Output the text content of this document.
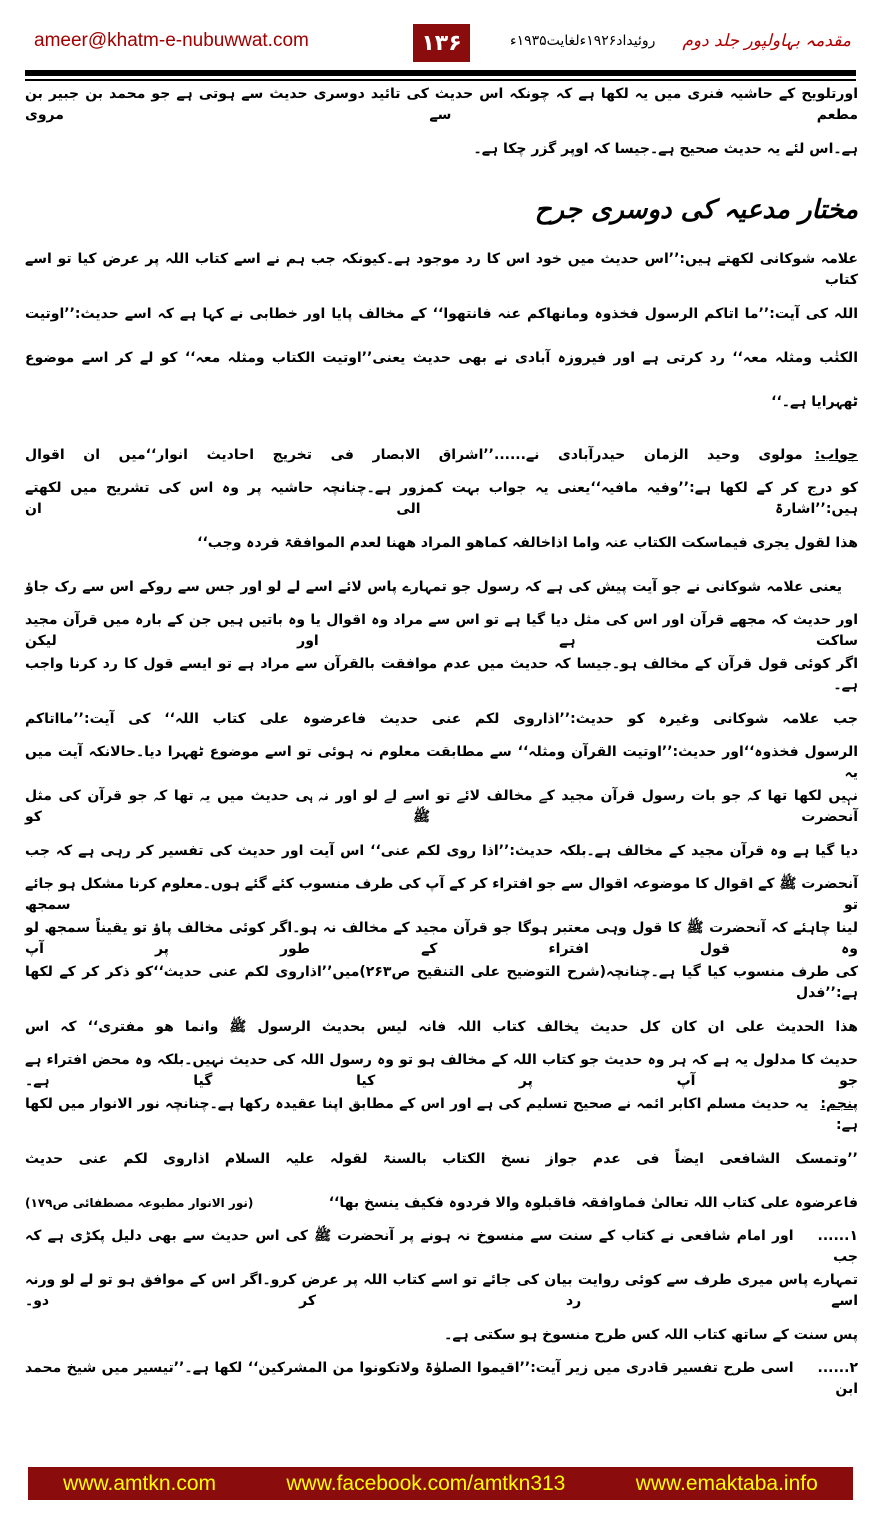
ameer@khatm-e-nubuwwat.com	۱۳۶	روئیداد۱۹۲۶ءلغایت۱۹۳۵ء مقدمہ بہاولپور جلد دوم
اورتلویح کے حاشیہ فنری میں یہ لکھا ہے کہ چونکہ اس حدیث کی تائید دوسری حدیث سے ہوتی ہے جو محمد بن جبیر بن مطعم سے مروی
ہے۔اس لئے یہ حدیث صحیح ہے۔جیسا کہ اوپر گزر چکا ہے۔
مختار مدعیہ کی دوسری جرح
علامہ شوکانی لکھتے ہیں:’’اس حدیث میں خود اس کا رد موجود ہے۔کیونکہ جب ہم نے اسے کتاب اللہ پر عرض کیا تو اسے کتاب
اللہ کی آیت:’’ما اتاکم الرسول فخذوہ ومانھاکم عنہ فانتھوا‘‘ کے مخالف پایا اور خطابی نے کہا ہے کہ اسے حدیث:’’اوتیت
الکتٰب ومثلہ معہ‘‘ رد کرتی ہے اور فیروزہ آبادی نے بھی حدیث یعنی’’اوتیت الکتاب ومثلہ معہ‘‘ کو لے کر اسے موضوع
ٹھہرایا ہے۔‘‘
جواب:مولوی وحید الزمان حیدرآبادی نے......’’اشراق الابصار فی تخریج احادیث انوار‘‘میں ان اقوال
کو درج کر کے لکھا ہے:’’وفیہ مافیہ‘‘یعنی یہ جواب بہت کمزور ہے۔چنانچہ حاشیہ پر وہ اس کی تشریح میں لکھتے ہیں:’’اشارۃ الی ان
ھذا لقول یجری فیماسکت الکتاب عنہ واما اذاخالفہ کماھو المراد ھھنا لعدم الموافقۃ فردہ وجب‘‘
یعنی علامہ شوکانی نے جو آیت پیش کی ہے کہ رسول جو تمہارے پاس لائے اسے لے لو اور جس سے روکے اس سے رک جاؤ
اور حدیث کہ مجھے قرآن اور اس کی مثل دیا گیا ہے تو اس سے مراد وہ اقوال یا وہ باتیں ہیں جن کے بارہ میں قرآن مجید ساکت ہے اور لیکن
اگر کوئی قول قرآن کے مخالف ہو۔جیسا کہ حدیث میں عدم موافقت بالقرآن سے مراد ہے تو ایسے قول کا رد کرنا واجب ہے۔
جب علامہ شوکانی وغیرہ کو حدیث:’’اذاروی لکم عنی حدیث فاعرضوہ علی کتاب اللہ‘‘ کی آیت:’’مااتاکم
الرسول فخذوہ‘‘اور حدیث:’’اوتیت القرآن ومثلہ‘‘ سے مطابقت معلوم نہ ہوئی تو اسے موضوع ٹھہرا دیا۔حالانکہ آیت میں یہ
نہیں لکھا تھا کہ جو بات رسول قرآن مجید کے مخالف لائے تو اسے لے لو اور نہ ہی حدیث میں یہ تھا کہ جو قرآن کی مثل آنحضرت ﷺ کو
دیا گیا ہے وہ قرآن مجید کے مخالف ہے۔بلکہ حدیث:’’اذا روی لکم عنی‘‘ اس آیت اور حدیث کی تفسیر کر رہی ہے کہ جب
آنحضرت ﷺ کے اقوال کا موضوعہ اقوال سے جو افتراء کر کے آپ کی طرف منسوب کئے گئے ہوں۔معلوم کرنا مشکل ہو جائے تو سمجھ
لینا چاہئے کہ آنحضرت ﷺ کا قول وہی معتبر ہوگا جو قرآن مجید کے مخالف نہ ہو۔اگر کوئی مخالف پاؤ تو یقیناً سمجھ لو وہ قول افتراء کے طور پر آپ
کی طرف منسوب کیا گیا ہے۔چنانچہ(شرح التوضیح علی التنقیح ص۲۶۳)میں’’اذاروی لکم عنی حدیث‘‘کو ذکر کر کے لکھا ہے:’’فدل
ھذا الحدیث علی ان کان کل حدیث یخالف کتاب اللہ فانہ لیس بحدیث الرسول ﷺ وانما ھو مفتری‘‘ کہ اس
حدیث کا مدلول یہ ہے کہ ہر وہ حدیث جو کتاب اللہ کے مخالف ہو تو وہ رسول اللہ کی حدیث نہیں۔بلکہ وہ محض افتراء ہے جو آپ پر کیا گیا ہے۔
پنجم:یہ حدیث مسلم اکابر ائمہ نے صحیح تسلیم کی ہے اور اس کے مطابق اپنا عقیدہ رکھا ہے۔چنانچہ نور الانوار میں لکھا ہے:
’’وتمسک الشافعی ایضاً فی عدم جواز نسخ الکتاب بالسنۃ لقولہ علیہ السلام اذاروی لکم عنی حدیث
(نور الانوار مطبوعہ مصطفائی ص۱۷۹)	فاعرضوہ علی کتاب اللہ تعالیٰ فماوافقہ فاقبلوہ والا فردوہ فکیف ینسخ بھا‘‘
۱......اور امام شافعی نے کتاب کے سنت سے منسوخ نہ ہونے پر آنحضرت ﷺ کی اس حدیث سے بھی دلیل پکڑی ہے کہ جب
تمہارے پاس میری طرف سے کوئی روایت بیان کی جائے تو اسے کتاب اللہ پر عرض کرو۔اگر اس کے موافق ہو تو لے لو ورنہ اسے رد کر دو۔
پس سنت کے ساتھ کتاب اللہ کس طرح منسوخ ہو سکتی ہے۔
۲......اسی طرح تفسیر قادری میں زیر آیت:’’اقیموا الصلوٰۃ ولاتکونوا من المشرکین‘‘ لکھا ہے۔’’تیسیر میں شیخ محمد ابن
www.amtkn.com	www.facebook.com/amtkn313	www.emaktaba.info
